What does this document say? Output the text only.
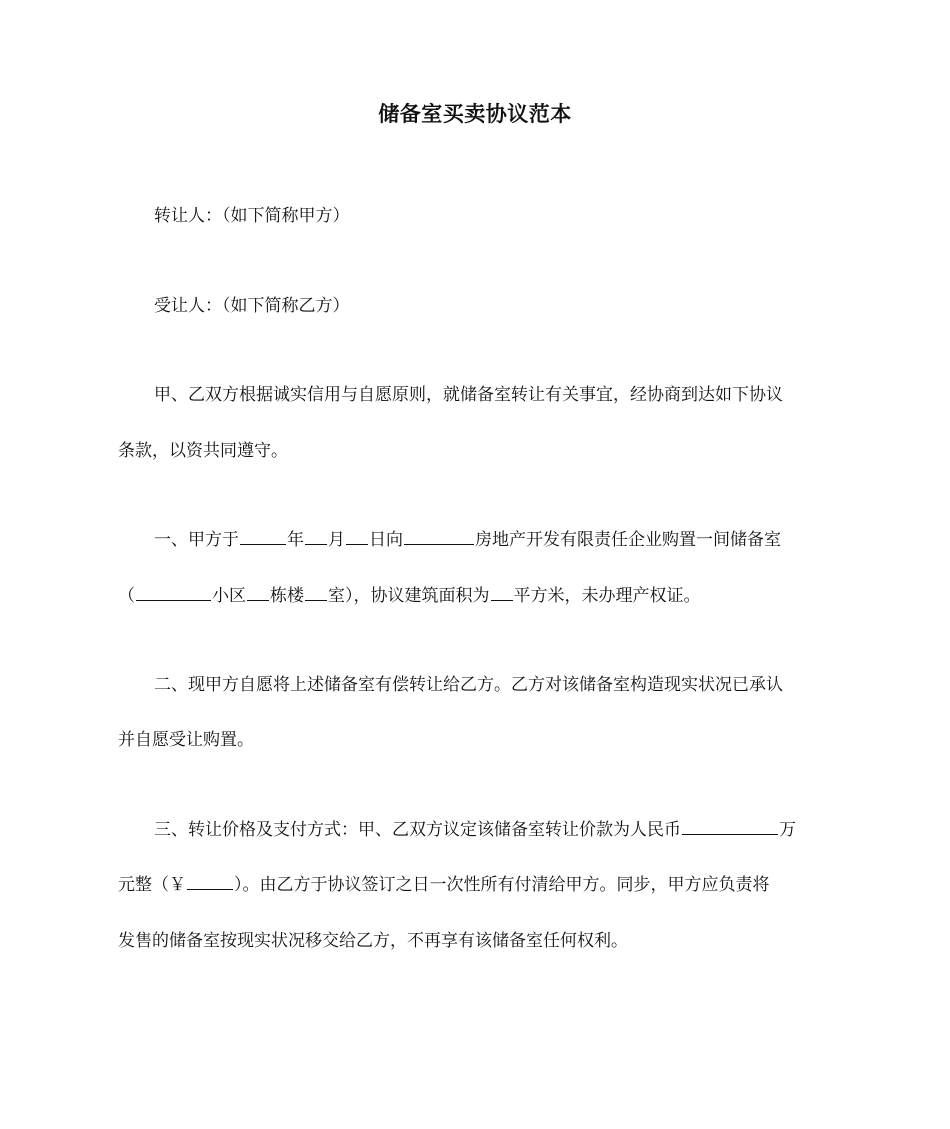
储备室买卖协议范本
转让人：（如下简称甲方）
受让人：（如下简称乙方）
甲、乙双方根据诚实信用与自愿原则，就储备室转让有关事宜，经协商到达如下协议
条款，以资共同遵守。
一、甲方于	年 月 日向	房地产开发有限责任企业购置一间储备室
（	小区 栋楼 室），协议建筑面积为 平方米，未办理产权证。
二、现甲方自愿将上述储备室有偿转让给乙方。乙方对该储备室构造现实状况已承认
并自愿受让购置。
三、转让价格及支付方式：甲、乙双方议定该储备室转让价款为人民币	万
元整（￥	）。由乙方于协议签订之日一次性所有付清给甲方。同步，甲方应负责将
发售的储备室按现实状况移交给乙方，不再享有该储备室任何权利。
